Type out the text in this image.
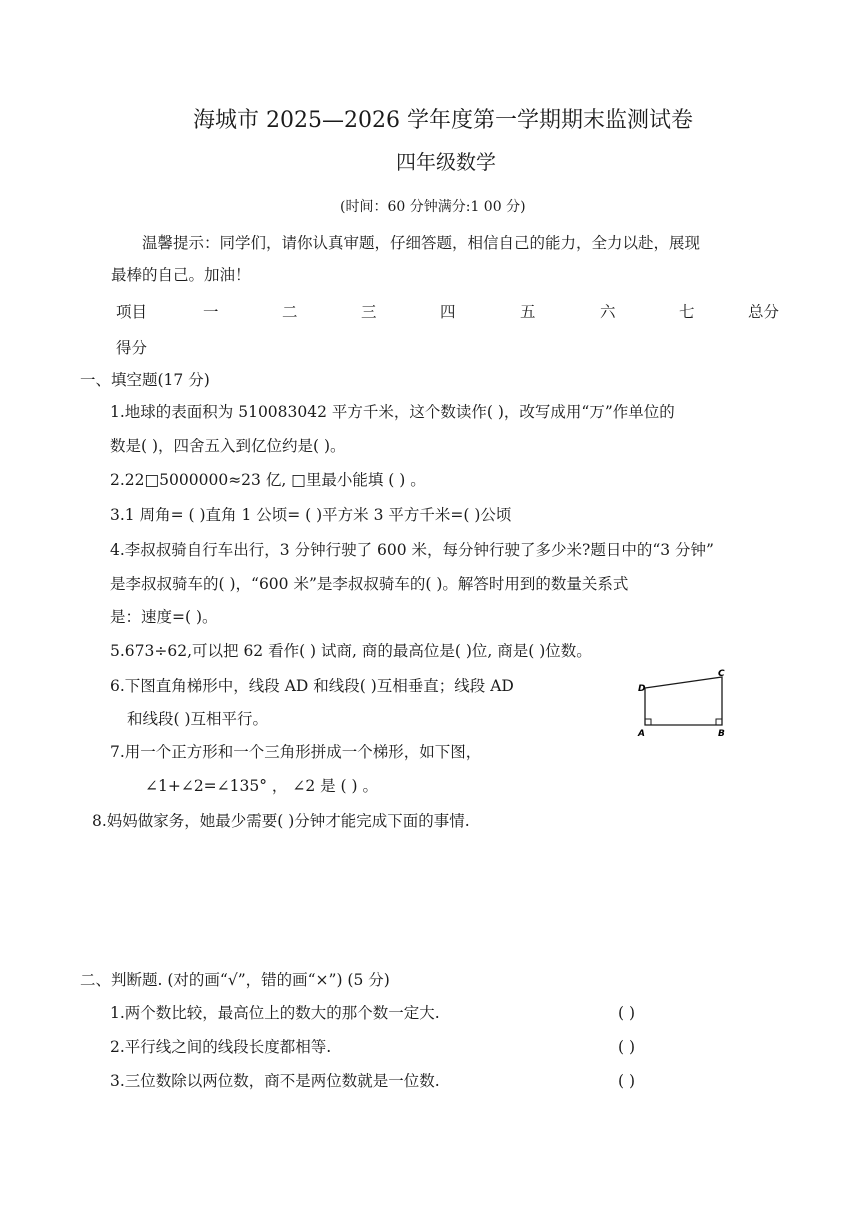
海城市 2025—2026 学年度第一学期期末监测试卷
四年级数学
(时间：60 分钟满分:1 00 分)
温馨提示：同学们，请你认真审题，仔细答题，相信自己的能力，全力以赴，展现
最棒的自己。加油！
项目	一	二	三	四	五	六	七	总分
得分
一、填空题(17 分)
1.地球的表面积为 510083042 平方千米，这个数读作( )，改写成用“万”作单位的
数是( )，四舍五入到亿位约是( )。
2.22□5000000≈23 亿, □里最小能填 ( ) 。
3.1 周角= ( )直角 1 公顷= ( )平方米 3 平方千米=( )公顷
4.李叔叔骑自行车出行，3 分钟行驶了 600 米，每分钟行驶了多少米?题日中的“3 分钟”
是李叔叔骑车的( )，“600 米”是李叔叔骑车的( )。解答时用到的数量关系式
是：速度=( )。
5.673÷62,可以把 62 看作( ) 试商, 商的最高位是( )位, 商是( )位数。
6.下图直角梯形中，线段 AD 和线段( )互相垂直；线段 AD
和线段( )互相平行。
7.用一个正方形和一个三角形拼成一个梯形，如下图，
∠1+∠2=∠135° ， ∠2 是 ( ) 。
8.妈妈做家务，她最少需要( )分钟才能完成下面的事情.
D
C
A	B
二、判断题. (对的画“√”，错的画“×”) (5 分)
1.两个数比较，最高位上的数大的那个数一定大.	( )
2.平行线之间的线段长度都相等.	( )
3.三位数除以两位数，商不是两位数就是一位数.	( )
